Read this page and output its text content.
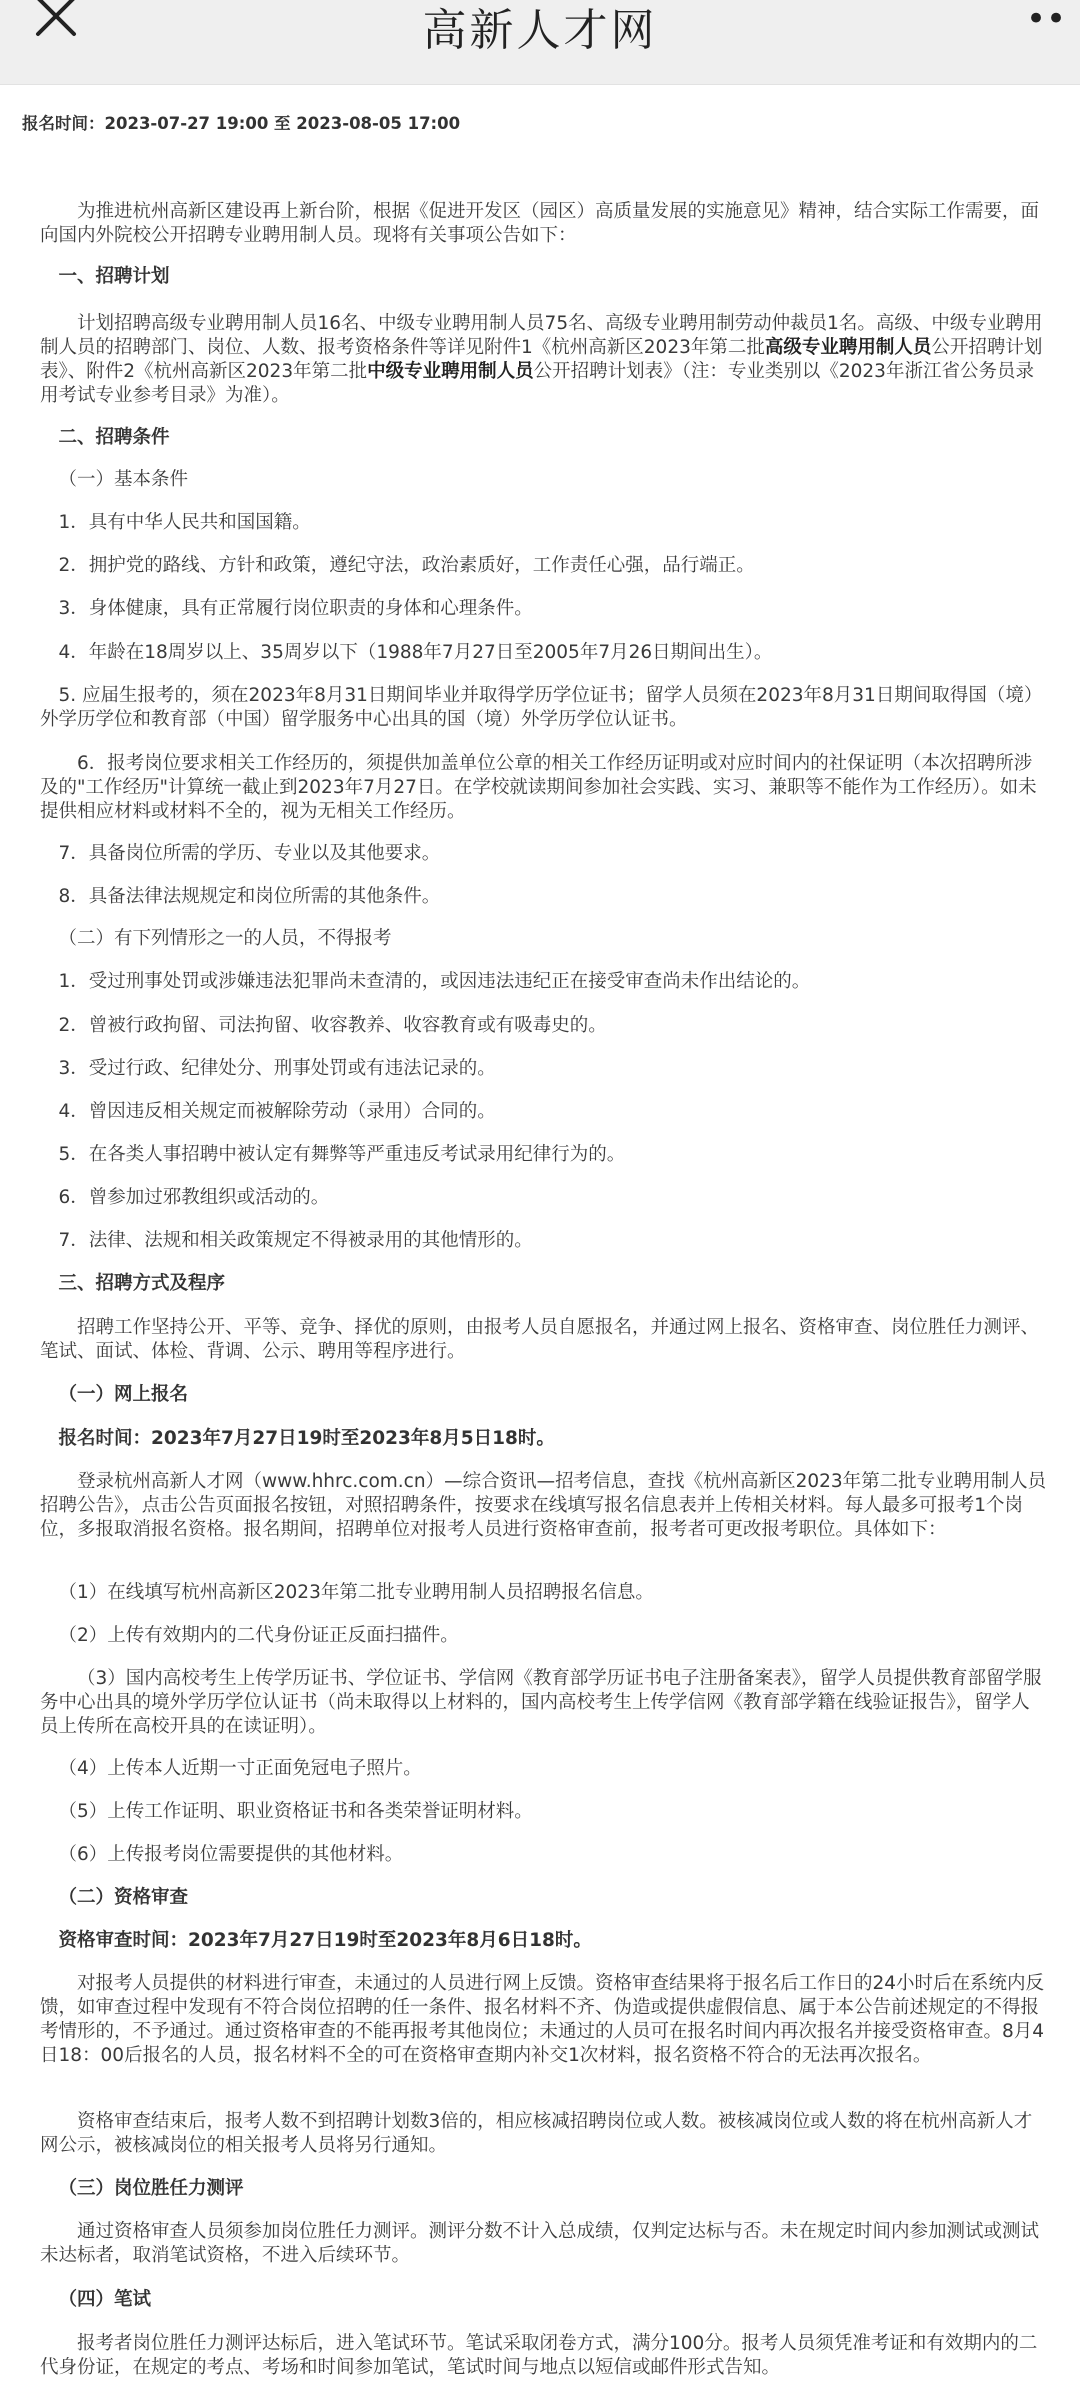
高新人才网	••
报名时间：2023-07-27 19:00 至 2023-08-05 17:00

为推进杭州高新区建设再上新台阶，根据《促进开发区（园区）高质量发展的实施意见》精神，结合实际工作需要，面向国内外院校公开招聘专业聘用制人员。现将有关事项公告如下：

一、招聘计划

计划招聘高级专业聘用制人员16名、中级专业聘用制人员75名、高级专业聘用制劳动仲裁员1名。高级、中级专业聘用制人员的招聘部门、岗位、人数、报考资格条件等详见附件1《杭州高新区2023年第二批高级专业聘用制人员公开招聘计划表》、附件2《杭州高新区2023年第二批中级专业聘用制人员公开招聘计划表》（注：专业类别以《2023年浙江省公务员录用考试专业参考目录》为准）。

二、招聘条件

（一）基本条件

1．具有中华人民共和国国籍。

2．拥护党的路线、方针和政策，遵纪守法，政治素质好，工作责任心强，品行端正。

3．身体健康，具有正常履行岗位职责的身体和心理条件。

4．年龄在18周岁以上、35周岁以下（1988年7月27日至2005年7月26日期间出生）。

5. 应届生报考的，须在2023年8月31日期间毕业并取得学历学位证书；留学人员须在2023年8月31日期间取得国（境）外学历学位和教育部（中国）留学服务中心出具的国（境）外学历学位认证书。

6．报考岗位要求相关工作经历的，须提供加盖单位公章的相关工作经历证明或对应时间内的社保证明（本次招聘所涉及的"工作经历"计算统一截止到2023年7月27日。在学校就读期间参加社会实践、实习、兼职等不能作为工作经历）。如未提供相应材料或材料不全的，视为无相关工作经历。

7．具备岗位所需的学历、专业以及其他要求。

8．具备法律法规规定和岗位所需的其他条件。

（二）有下列情形之一的人员，不得报考

1．受过刑事处罚或涉嫌违法犯罪尚未查清的，或因违法违纪正在接受审查尚未作出结论的。

2．曾被行政拘留、司法拘留、收容教养、收容教育或有吸毒史的。

3．受过行政、纪律处分、刑事处罚或有违法记录的。

4．曾因违反相关规定而被解除劳动（录用）合同的。

5．在各类人事招聘中被认定有舞弊等严重违反考试录用纪律行为的。

6．曾参加过邪教组织或活动的。

7．法律、法规和相关政策规定不得被录用的其他情形的。

三、招聘方式及程序

招聘工作坚持公开、平等、竞争、择优的原则，由报考人员自愿报名，并通过网上报名、资格审查、岗位胜任力测评、笔试、面试、体检、背调、公示、聘用等程序进行。

（一）网上报名

报名时间：2023年7月27日19时至2023年8月5日18时。

登录杭州高新人才网（www.hhrc.com.cn）—综合资讯—招考信息，查找《杭州高新区2023年第二批专业聘用制人员招聘公告》，点击公告页面报名按钮，对照招聘条件，按要求在线填写报名信息表并上传相关材料。每人最多可报考1个岗位，多报取消报名资格。报名期间，招聘单位对报考人员进行资格审查前，报考者可更改报考职位。具体如下：

（1）在线填写杭州高新区2023年第二批专业聘用制人员招聘报名信息。

（2）上传有效期内的二代身份证正反面扫描件。

（3）国内高校考生上传学历证书、学位证书、学信网《教育部学历证书电子注册备案表》，留学人员提供教育部留学服务中心出具的境外学历学位认证书（尚未取得以上材料的，国内高校考生上传学信网《教育部学籍在线验证报告》，留学人员上传所在高校开具的在读证明）。

（4）上传本人近期一寸正面免冠电子照片。

（5）上传工作证明、职业资格证书和各类荣誉证明材料。

（6）上传报考岗位需要提供的其他材料。

（二）资格审查

资格审查时间：2023年7月27日19时至2023年8月6日18时。

对报考人员提供的材料进行审查，未通过的人员进行网上反馈。资格审查结果将于报名后工作日的24小时后在系统内反馈，如审查过程中发现有不符合岗位招聘的任一条件、报名材料不齐、伪造或提供虚假信息、属于本公告前述规定的不得报考情形的，不予通过。通过资格审查的不能再报考其他岗位；未通过的人员可在报名时间内再次报名并接受资格审查。8月4日18：00后报名的人员，报名材料不全的可在资格审查期内补交1次材料，报名资格不符合的无法再次报名。

资格审查结束后，报考人数不到招聘计划数3倍的，相应核减招聘岗位或人数。被核减岗位或人数的将在杭州高新人才网公示，被核减岗位的相关报考人员将另行通知。

（三）岗位胜任力测评

通过资格审查人员须参加岗位胜任力测评。测评分数不计入总成绩，仅判定达标与否。未在规定时间内参加测试或测试未达标者，取消笔试资格，不进入后续环节。

（四）笔试

报考者岗位胜任力测评达标后，进入笔试环节。笔试采取闭卷方式，满分100分。报考人员须凭准考证和有效期内的二代身份证，在规定的考点、考场和时间参加笔试，笔试时间与地点以短信或邮件形式告知。
